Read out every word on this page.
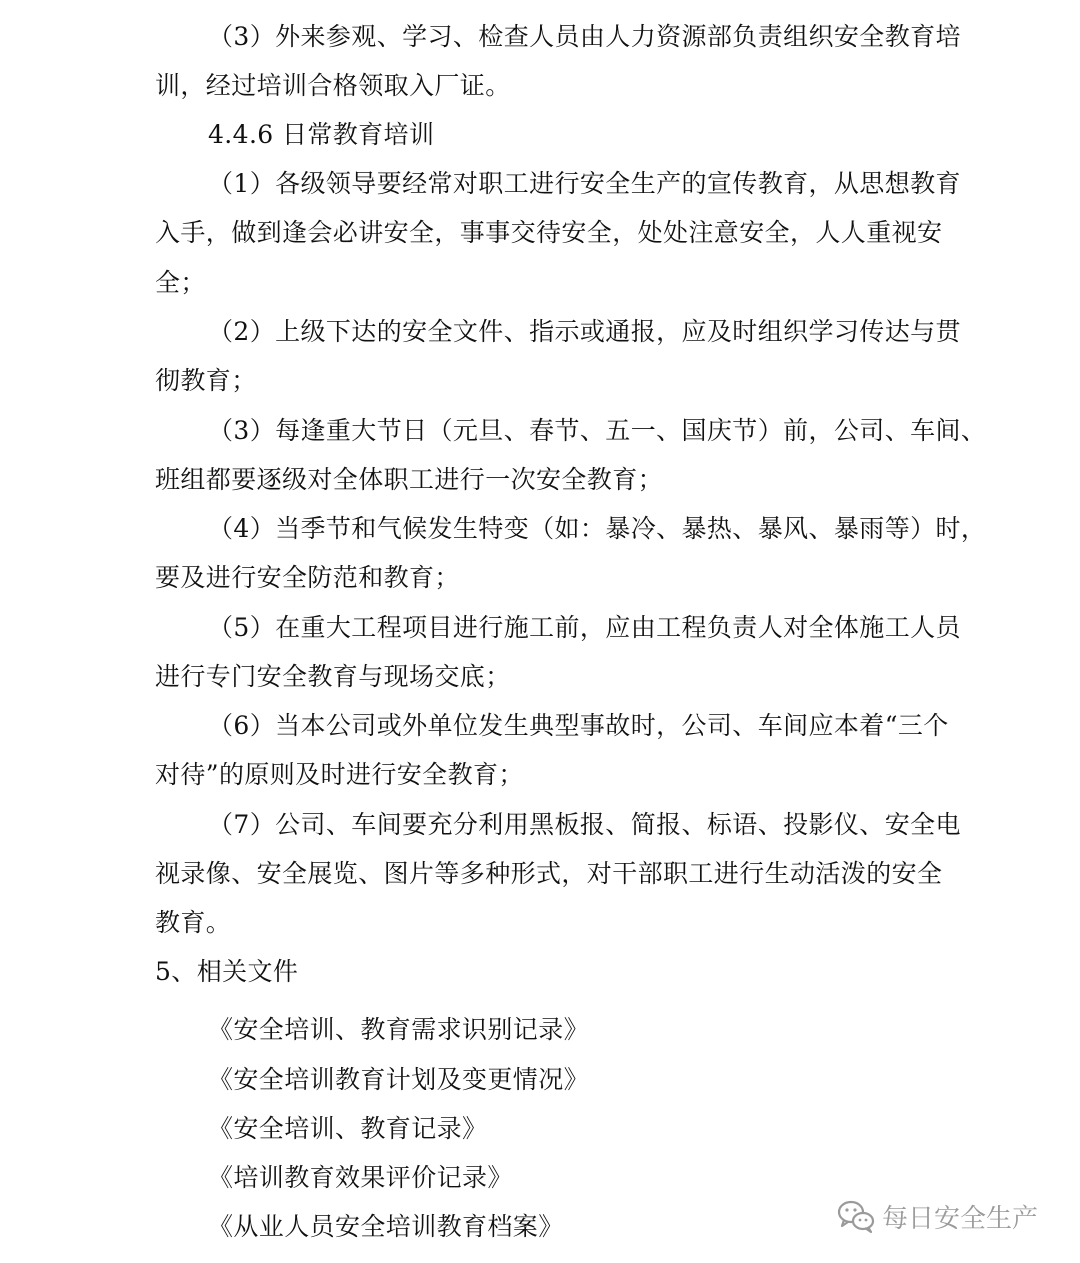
（3）外来参观、学习、检查人员由人力资源部负责组织安全教育培
训，经过培训合格领取入厂证。
4.4.6 日常教育培训
（1）各级领导要经常对职工进行安全生产的宣传教育，从思想教育
入手，做到逢会必讲安全，事事交待安全，处处注意安全，人人重视安
全；
（2）上级下达的安全文件、指示或通报，应及时组织学习传达与贯
彻教育；
（3）每逢重大节日（元旦、春节、五一、国庆节）前，公司、车间、
班组都要逐级对全体职工进行一次安全教育；
（4）当季节和气候发生特变（如：暴冷、暴热、暴风、暴雨等）时，
要及进行安全防范和教育；
（5）在重大工程项目进行施工前，应由工程负责人对全体施工人员
进行专门安全教育与现场交底；
（6）当本公司或外单位发生典型事故时，公司、车间应本着“三个
对待”的原则及时进行安全教育；
（7）公司、车间要充分利用黑板报、简报、标语、投影仪、安全电
视录像、安全展览、图片等多种形式，对干部职工进行生动活泼的安全
教育。
5、相关文件
《安全培训、教育需求识别记录》
《安全培训教育计划及变更情况》
《安全培训、教育记录》
《培训教育效果评价记录》
《从业人员安全培训教育档案》	每日安全生产
